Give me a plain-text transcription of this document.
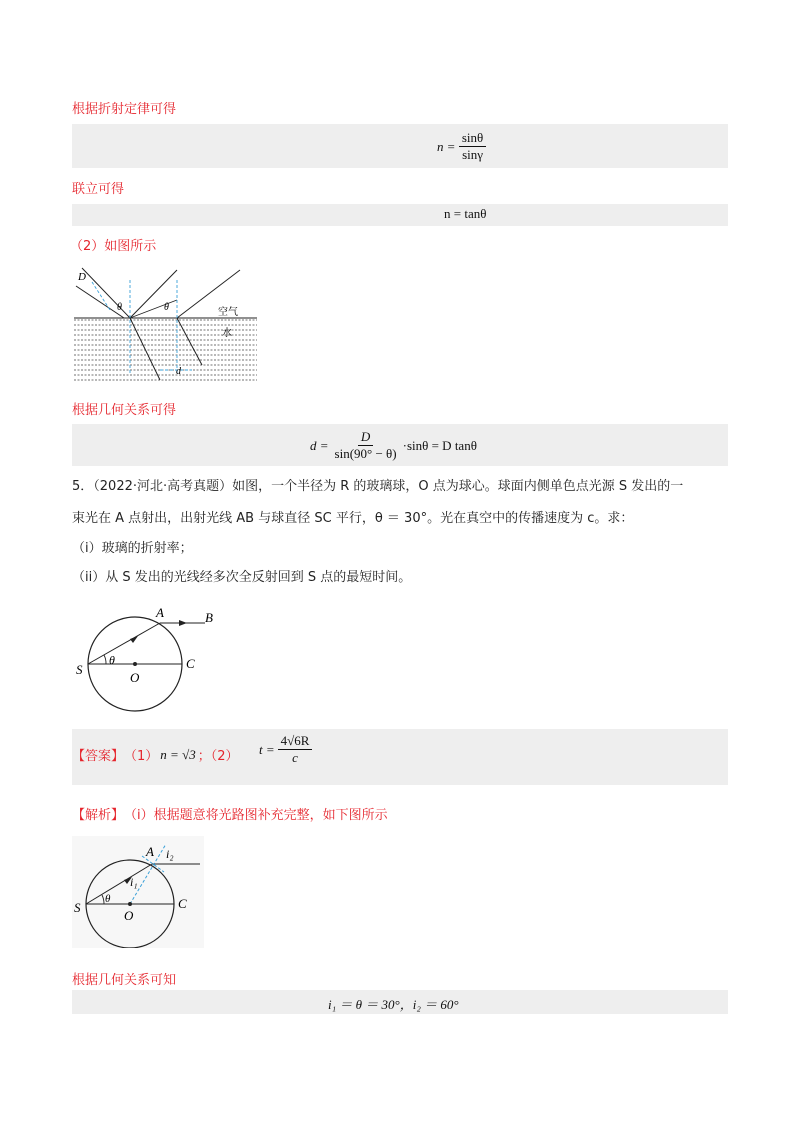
根据折射定律可得
$n = \frac{\sin\theta}{\sin\gamma}$
联立可得
n = tanθ
（2）如图所示
D
θ	θ	空气
水
d
根据几何关系可得
$d = \frac{D}{\sin(90^\circ - \theta)} \cdot\sin\theta = D$ tanθ
5．（2022·河北·高考真题）如图，一个半径为 R 的玻璃球，O 点为球心。球面内侧单色点光源 S 发出的一
束光在 A 点射出，出射光线 AB 与球直径 SC 平行，θ ＝ 30°。光在真空中的传播速度为 c。求：
（i）玻璃的折射率；
（ii）从 S 发出的光线经多次全反射回到 S 点的最短时间。
A	B
S
O
C
θ
【答案】 （1） n = √3 ；（2） $t = \frac{4√6R}{c}$
【解析】 （i）根据题意将光路图补充完整，如下图所示
A i₂
i₁
S
O
C
θ
根据几何关系可知
i₁ ＝ θ ＝ 30°，i₂ ＝ 60°
